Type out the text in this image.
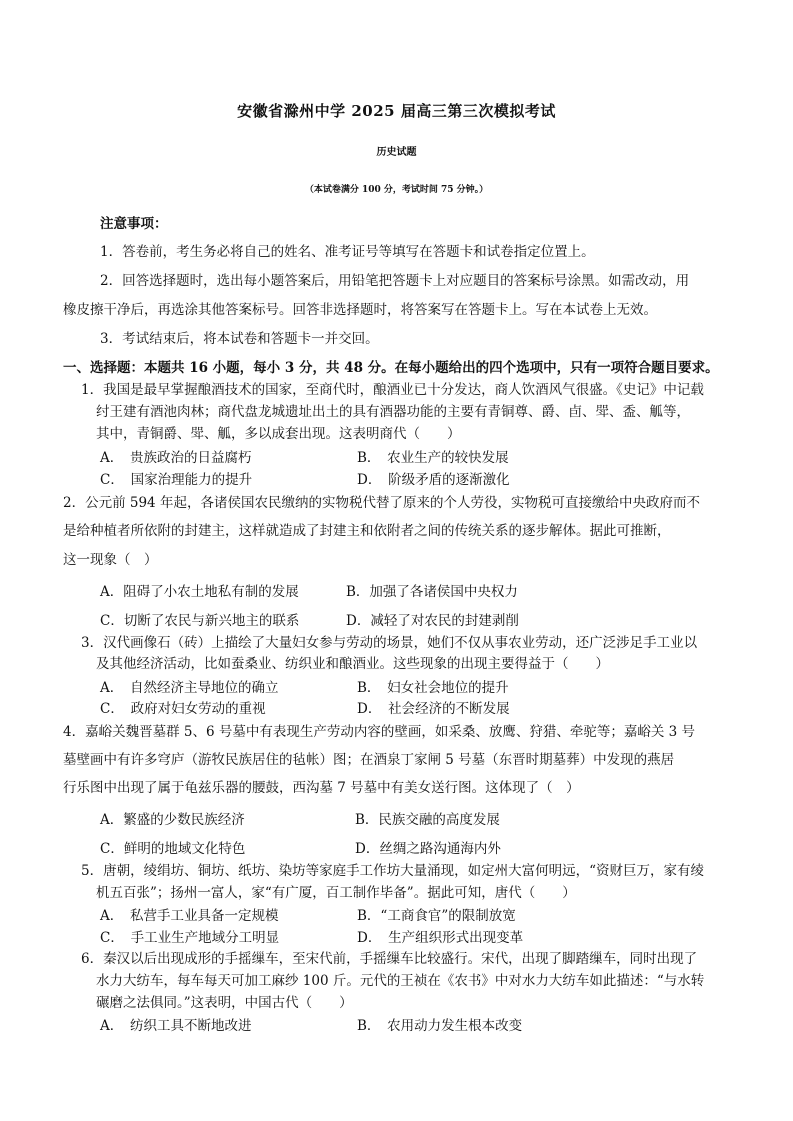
安徽省滁州中学 2025 届高三第三次模拟考试
历史试题
（本试卷满分 100 分，考试时间 75 分钟。）
注意事项：
1．答卷前，考生务必将自己的姓名、准考证号等填写在答题卡和试卷指定位置上。
2．回答选择题时，选出每小题答案后，用铅笔把答题卡上对应题目的答案标号涂黑。如需改动，用
橡皮擦干净后，再选涂其他答案标号。回答非选择题时，将答案写在答题卡上。写在本试卷上无效。
3．考试结束后，将本试卷和答题卡一并交回。
一、选择题：本题共 16 小题，每小 3 分，共 48 分。在每小题给出的四个选项中，只有一项符合题目要求。
1．我国是最早掌握酿酒技术的国家，至商代时，酿酒业已十分发达，商人饮酒风气很盛。《史记》中记载
纣王建有酒池肉林；商代盘龙城遗址出土的具有酒器功能的主要有青铜尊、爵、卣、斝、盉、觚等，
其中，青铜爵、斝、觚，多以成套出现。这表明商代（　　）
A．　贵族政治的日益腐朽	B．　农业生产的较快发展
C．　国家治理能力的提升	D．　阶级矛盾的逐渐激化
2．公元前 594 年起，各诸侯国农民缴纳的实物税代替了原来的个人劳役，实物税可直接缴给中央政府而不
是给种植者所依附的封建主，这样就造成了封建主和依附者之间的传统关系的逐步解体。据此可推断，
这一现象（　）
A．阻碍了小农土地私有制的发展	B．加强了各诸侯国中央权力
C．切断了农民与新兴地主的联系	D．减轻了对农民的封建剥削
3．汉代画像石（砖）上描绘了大量妇女参与劳动的场景，她们不仅从事农业劳动，还广泛涉足手工业以
及其他经济活动，比如蚕桑业、纺织业和酿酒业。这些现象的出现主要得益于（　　）
A．　自然经济主导地位的确立	B．　妇女社会地位的提升
C．　政府对妇女劳动的重视	D．　社会经济的不断发展
4．嘉峪关魏晋墓群 5、6 号墓中有表现生产劳动内容的壁画，如采桑、放鹰、狩猎、牵驼等；嘉峪关 3 号
墓壁画中有许多穹庐（游牧民族居住的毡帐）图；在酒泉丁家闸 5 号墓（东晋时期墓葬）中发现的燕居
行乐图中出现了属于龟兹乐器的腰鼓，西沟墓 7 号墓中有美女送行图。这体现了（　）
A．繁盛的少数民族经济	B．民族交融的高度发展
C．鲜明的地域文化特色	D．丝绸之路沟通海内外
5．唐朝，绫绢坊、铜坊、纸坊、染坊等家庭手工作坊大量涌现，如定州大富何明远，“资财巨万，家有绫
机五百张”；扬州一富人，家“有广厦，百工制作毕备”。据此可知，唐代（　　）
A．　私营手工业具备一定规模	B．“工商食官”的限制放宽
C．　手工业生产地域分工明显	D．　生产组织形式出现变革
6．秦汉以后出现成形的手摇缫车，至宋代前，手摇缫车比较盛行。宋代，出现了脚踏缫车，同时出现了
水力大纺车，每车每天可加工麻纱 100 斤。元代的王祯在《农书》中对水力大纺车如此描述：“与水转
碾磨之法俱同。”这表明，中国古代（　　）
A．　纺织工具不断地改进	B．　农用动力发生根本改变
